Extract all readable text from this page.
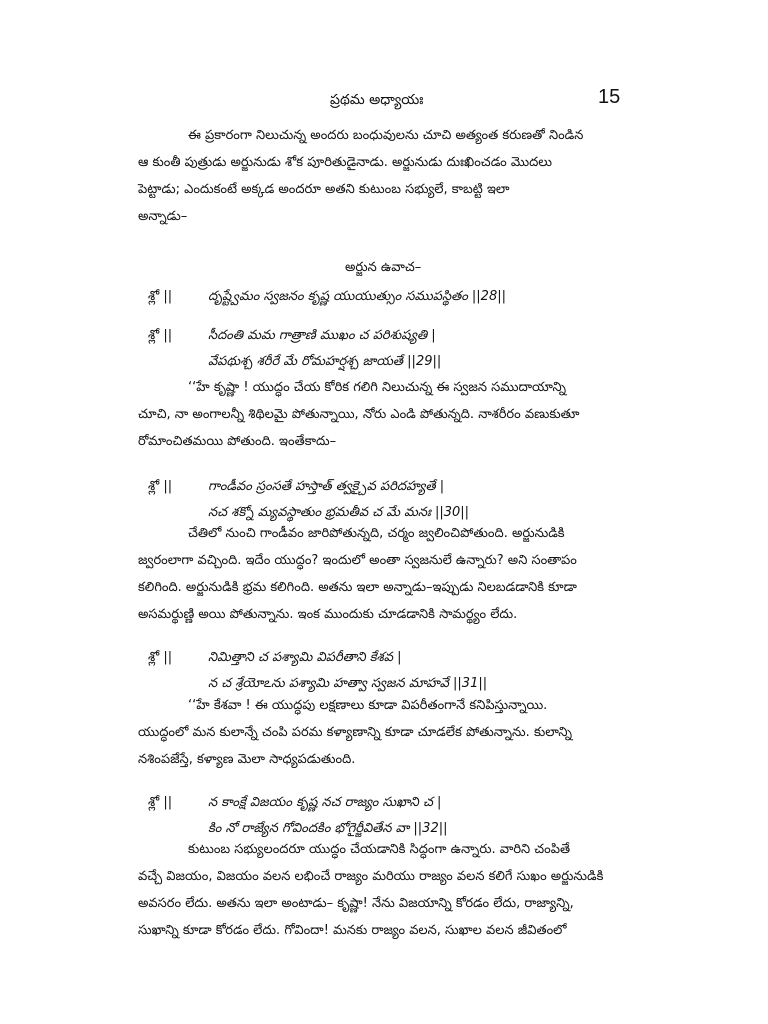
ప్రథమ అధ్యాయః	15

ఈ ప్రకారంగా నిలుచున్న అందరు బంధువులను చూచి అత్యంత కరుణతో నిండిన
ఆ కుంతీ పుత్రుడు అర్జునుడు శోక పూరితుడైనాడు. అర్జునుడు దుఃఖించడం మొదలు
పెట్టాడు; ఎందుకంటే అక్కడ అందరూ అతని కుటుంబ సభ్యులే, కాబట్టి ఇలా
అన్నాడు–

అర్జున ఉవాచ–
శ్లో ||	దృష్ట్వేమం స్వజనం కృష్ణ యుయుత్సుం సముపస్థితం ||28||
శ్లో ||	సీదంతి మమ గాత్రాణి ముఖం చ పరిశుష్యతి |
వేపథుశ్చ శరీరే మే రోమహర్షశ్చ జాయతే ||29||

‘‘హే కృష్ణా ! యుద్ధం చేయ కోరిక గలిగి నిలుచున్న ఈ స్వజన సముదాయాన్ని
చూచి, నా అంగాలన్నీ శిథిలమై పోతున్నాయి, నోరు ఎండి పోతున్నది. నాశరీరం వణుకుతూ
రోమాంచితమయి పోతుంది. ఇంతేకాదు–

శ్లో ||	గాండీవం స్రంసతే హస్తాత్ త్వక్చైవ పరిదహ్యతే |
నచ శక్నో మ్యవస్థాతుం భ్రమతీవ చ మే మనః ||30||

చేతిలో నుంచి గాండీవం జారిపోతున్నది, చర్మం జ్వలించిపోతుంది. అర్జునుడికి
జ్వరంలాగా వచ్చింది. ఇదేం యుద్ధం? ఇందులో అంతా స్వజనులే ఉన్నారు? అని సంతాపం
కలిగింది. అర్జునుడికి భ్రమ కలిగింది. అతను ఇలా అన్నాడు–ఇప్పుడు నిలబడడానికి కూడా
అసమర్థుణ్ణి అయి పోతున్నాను. ఇంక ముందుకు చూడడానికి సామర్థ్యం లేదు.

శ్లో ||	నిమిత్తాని చ పశ్యామి విపరీతాని కేశవ |
న చ శ్రేయోఽను పశ్యామి హత్వా స్వజన మాహవే ||31||

‘‘హే కేశవా ! ఈ యుద్ధపు లక్షణాలు కూడా విపరీతంగానే కనిపిస్తున్నాయి.
యుద్ధంలో మన కులాన్నే చంపి పరమ కళ్యాణాన్ని కూడా చూడలేక పోతున్నాను. కులాన్ని
నశింపజేస్తే, కళ్యాణ మెలా సాధ్యపడుతుంది.

శ్లో ||	న కాంక్షే విజయం కృష్ణ నచ రాజ్యం సుఖాని చ |
కిం నో రాజ్యేన గోవిందకిం భోగైర్జీవితేన వా ||32||

కుటుంబ సభ్యులందరూ యుద్ధం చేయడానికి సిద్ధంగా ఉన్నారు. వారిని చంపితే
వచ్చే విజయం, విజయం వలన లభించే రాజ్యం మరియు రాజ్యం వలన కలిగే సుఖం అర్జునుడికి
అవసరం లేదు. అతను ఇలా అంటాడు– కృష్ణా! నేను విజయాన్ని కోరడం లేదు, రాజ్యాన్ని,
సుఖాన్ని కూడా కోరడం లేదు. గోవిందా! మనకు రాజ్యం వలన, సుఖాల వలన జీవితంలో
